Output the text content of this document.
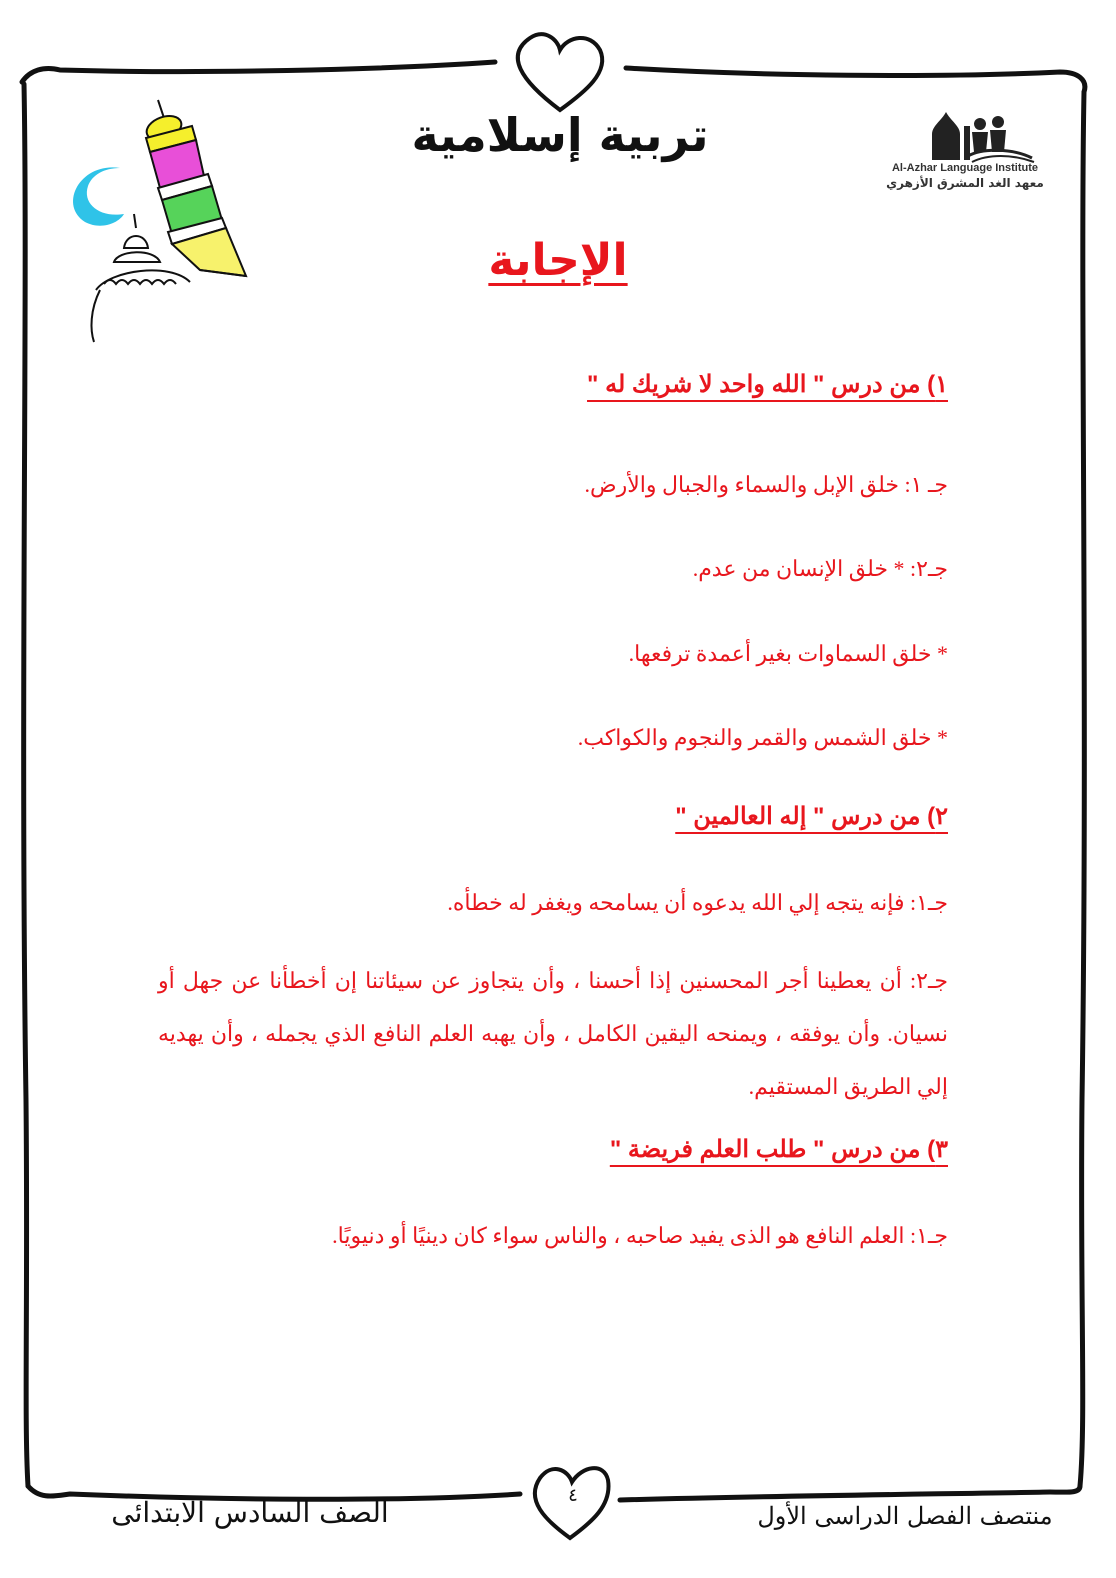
Al-Azhar Language Institute
معهد الغد المشرق الأزهري
تربية إسلامية
الإجابة
١) من درس " الله واحد لا شريك له "
جـ ١: خلق الإبل والسماء والجبال والأرض.
جـ٢: * خلق الإنسان من عدم.
* خلق السماوات بغير أعمدة ترفعها.
* خلق الشمس والقمر والنجوم والكواكب.
٢) من درس " إله العالمين "
جـ١: فإنه يتجه إلي الله يدعوه أن يسامحه ويغفر له خطأه.
جـ٢: أن يعطينا أجر المحسنين إذا أحسنا ، وأن يتجاوز عن سيئاتنا إن أخطأنا عن جهل أو نسيان. وأن يوفقه ، ويمنحه اليقين الكامل ، وأن يهبه العلم النافع الذي يجمله ، وأن يهديه إلي الطريق المستقيم.
٣) من درس " طلب العلم فريضة "
جـ١: العلم النافع هو الذى يفيد صاحبه ، والناس سواء كان دينيًا أو دنيويًا.
٤
الصف السادس الابتدائى	منتصف الفصل الدراسى الأول
